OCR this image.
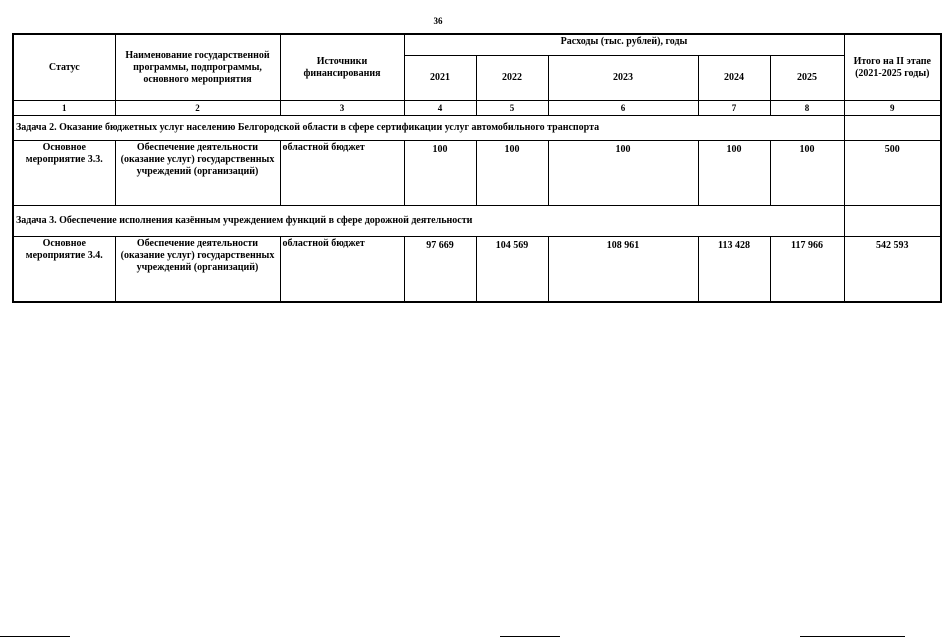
36
Статус	Наименование государственной программы, подпрограммы, основного мероприятия	Источники финансирования	Расходы (тыс. рублей), годы					Итого на II этапе (2021-2025 годы)
			2021	2022	2023	2024	2025	
1	2	3	4	5	6	7	8	9
Задача 2. Оказание бюджетных услуг населению Белгородской области в сфере сертификации услуг автомобильного транспорта								
Основное мероприятие 3.3.	Обеспечение деятельности (оказание услуг) государственных учреждений (организаций)	областной бюджет	100	100	100	100	100	500
Задача 3. Обеспечение исполнения казённым учреждением функций в сфере дорожной деятельности								
Основное мероприятие 3.4.	Обеспечение деятельности (оказание услуг) государственных учреждений (организаций)	областной бюджет	97 669	104 569	108 961	113 428	117 966	542 593
